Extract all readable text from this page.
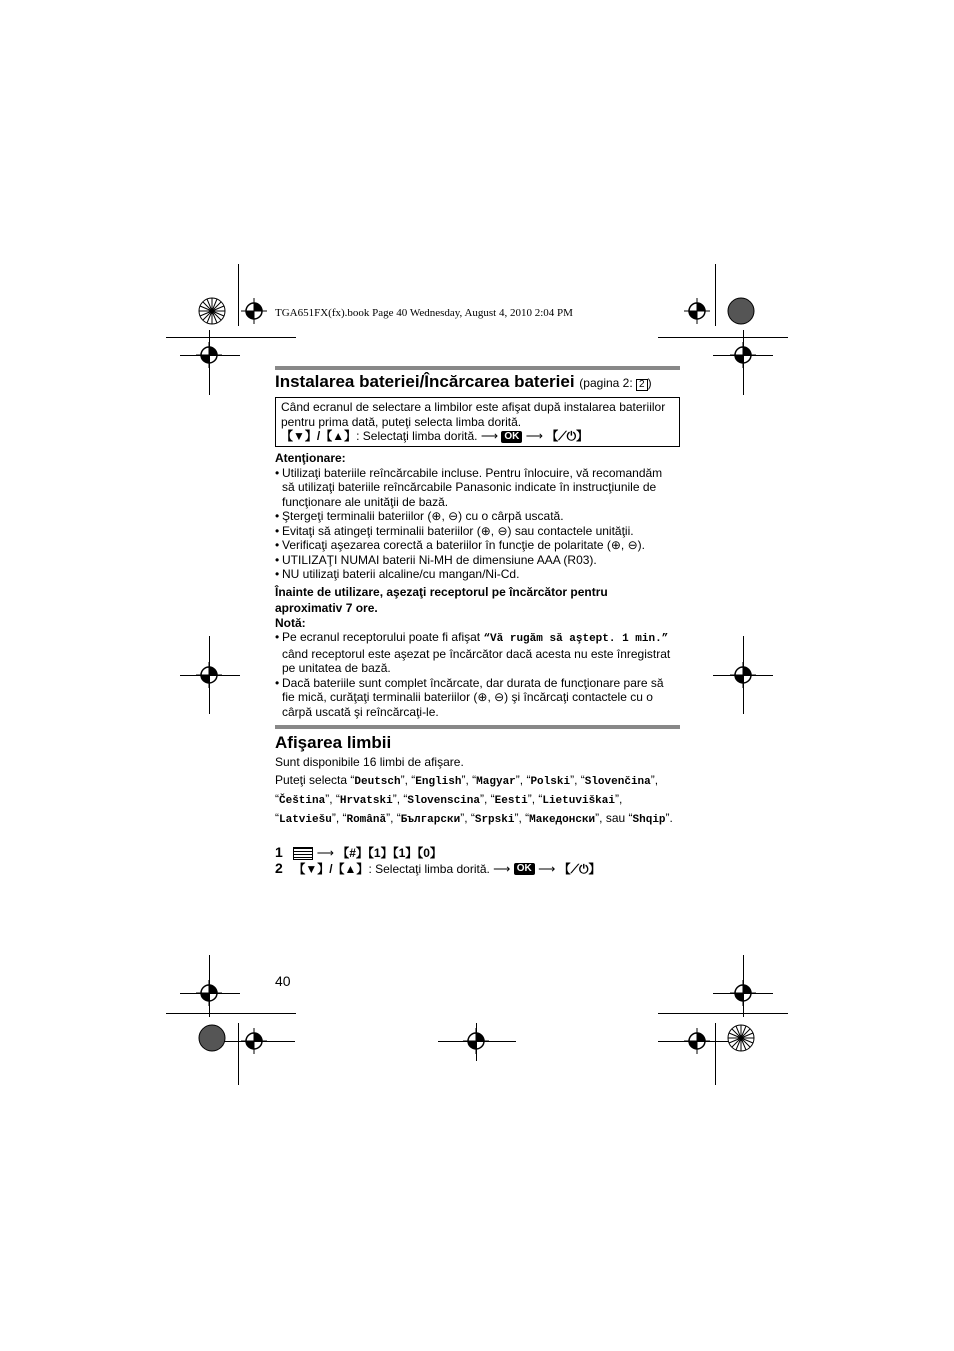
TGA651FX(fx).book Page 40 Wednesday, August 4, 2010 2:04 PM
Instalarea bateriei/Încărcarea bateriei (pagina 2: 2 )
Când ecranul de selectare a limbilor este afişat după instalarea bateriilor
pentru prima dată, puteţi selecta limba dorită.
【▼】/【▲】: Selectaţi limba dorită. ⟶ OK ⟶ 【⟋⏻】
Atenţionare:
• Utilizaţi bateriile reîncărcabile incluse. Pentru înlocuire, vă recomandăm să utilizaţi bateriile reîncărcabile Panasonic indicate în instrucţiunile de funcţionare ale unităţii de bază.
• Ştergeţi terminalii bateriilor (⊕, ⊖) cu o cârpă uscată.
• Evitaţi să atingeţi terminalii bateriilor (⊕, ⊖) sau contactele unităţii.
• Verificaţi aşezarea corectă a bateriilor în funcţie de polaritate (⊕, ⊖).
• UTILIZAŢI NUMAI baterii Ni-MH de dimensiune AAA (R03).
• NU utilizaţi baterii alcaline/cu mangan/Ni-Cd.
Înainte de utilizare, aşezaţi receptorul pe încărcător pentru aproximativ 7 ore.
Notă:
• Pe ecranul receptorului poate fi afişat “Vă rugăm să aştept. 1 min.” când receptorul este aşezat pe încărcător dacă acesta nu este înregistrat pe unitatea de bază.
• Dacă bateriile sunt complet încărcate, dar durata de funcţionare pare să fie mică, curăţaţi terminalii bateriilor (⊕, ⊖) şi încărcaţi contactele cu o cârpă uscată şi reîncărcaţi-le.
Afişarea limbii
Sunt disponibile 16 limbi de afişare.
Puteţi selecta “Deutsch”, “English”, “Magyar”, “Polski”, “Slovenčina”, “Čeština”, “Hrvatski”, “Slovenscina”, “Eesti”, “Lietuviškai”, “Latviešu”, “Română”, “Български”, “Srpski”, “Македонски”, sau “Shqip”.
1	⟶ 【#】【1】【1】【0】
2 【▼】/【▲】: Selectaţi limba dorită. ⟶ OK ⟶ 【⟋⏻】
40
